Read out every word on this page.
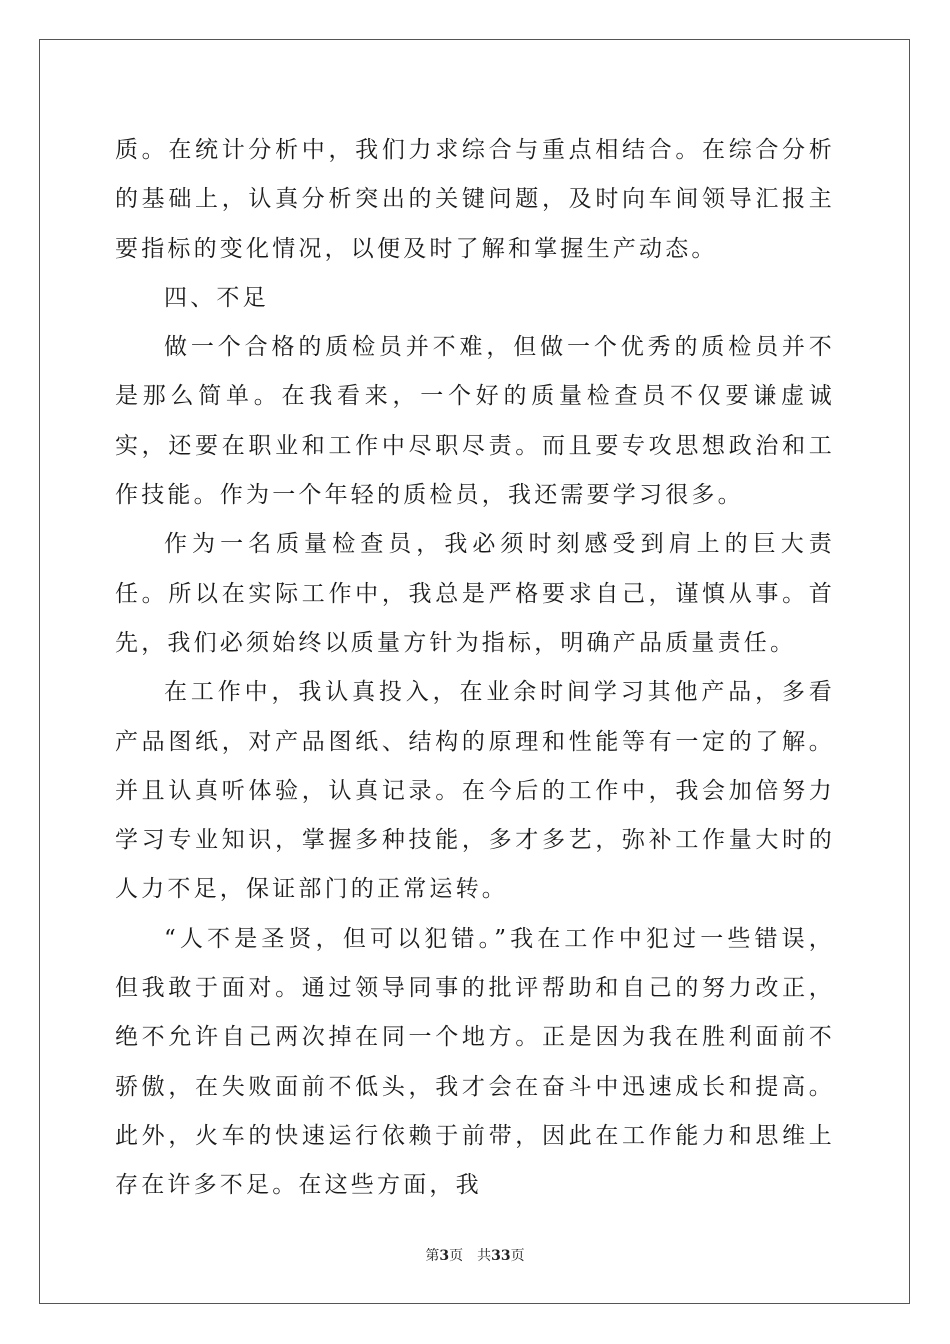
质。在统计分析中，我们力求综合与重点相结合。在综合分析的基础上，认真分析突出的关键问题，及时向车间领导汇报主要指标的变化情况，以便及时了解和掌握生产动态。

四、不足

做一个合格的质检员并不难，但做一个优秀的质检员并不是那么简单。在我看来，一个好的质量检查员不仅要谦虚诚实，还要在职业和工作中尽职尽责。而且要专攻思想政治和工作技能。作为一个年轻的质检员，我还需要学习很多。

作为一名质量检查员，我必须时刻感受到肩上的巨大责任。所以在实际工作中，我总是严格要求自己，谨慎从事。首先，我们必须始终以质量方针为指标，明确产品质量责任。

在工作中，我认真投入，在业余时间学习其他产品，多看产品图纸，对产品图纸、结构的原理和性能等有一定的了解。并且认真听体验，认真记录。在今后的工作中，我会加倍努力学习专业知识，掌握多种技能，多才多艺，弥补工作量大时的人力不足，保证部门的正常运转。

“人不是圣贤，但可以犯错。”我在工作中犯过一些错误，但我敢于面对。通过领导同事的批评帮助和自己的努力改正，绝不允许自己两次掉在同一个地方。正是因为我在胜利面前不骄傲，在失败面前不低头，我才会在奋斗中迅速成长和提高。此外，火车的快速运行依赖于前带，因此在工作能力和思维上存在许多不足。在这些方面，我

第3页 共33页
